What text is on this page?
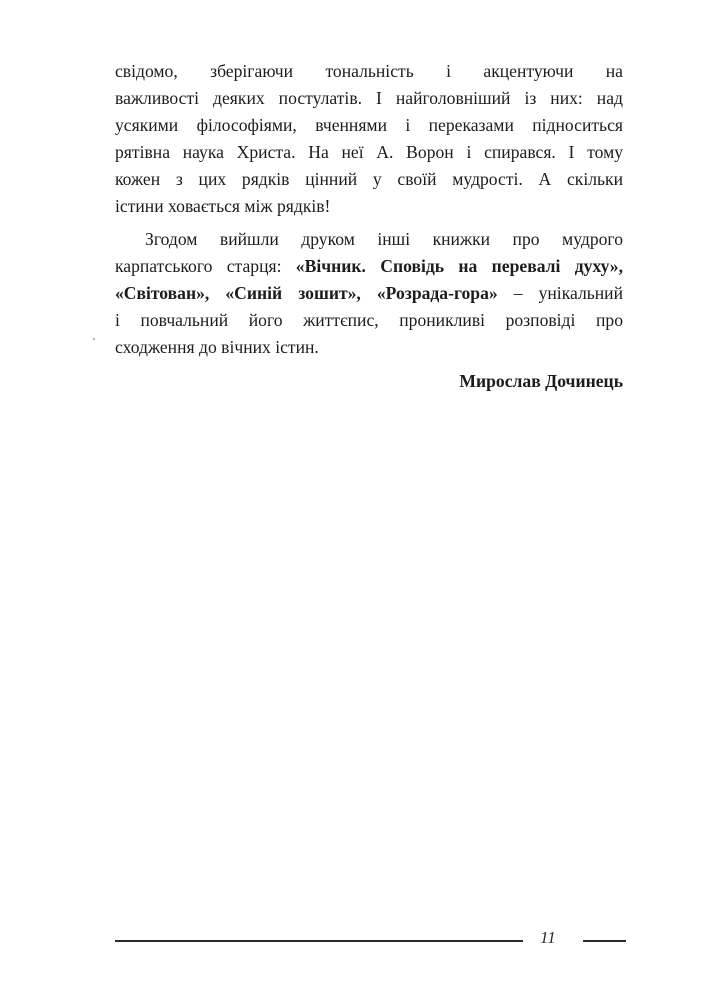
свідомо, зберігаючи тональність і акцентуючи на
важливості деяких постулатів. І найголовніший із них: над
усякими філософіями, вченнями і переказами підноситься
рятівна наука Христа. На неї А. Ворон і спирався. І тому
кожен з цих рядків цінний у своїй мудрості. А скільки
істини ховається між рядків!

Згодом вийшли друком інші книжки про мудрого
карпатського старця: «Вічник. Сповідь на перевалі духу»,
«Світован», «Синій зошит», «Розрада-гора» – унікальний
і повчальний його життєпис, проникливі розповіді про
сходження до вічних істин.

Мирослав Дочинець

11
